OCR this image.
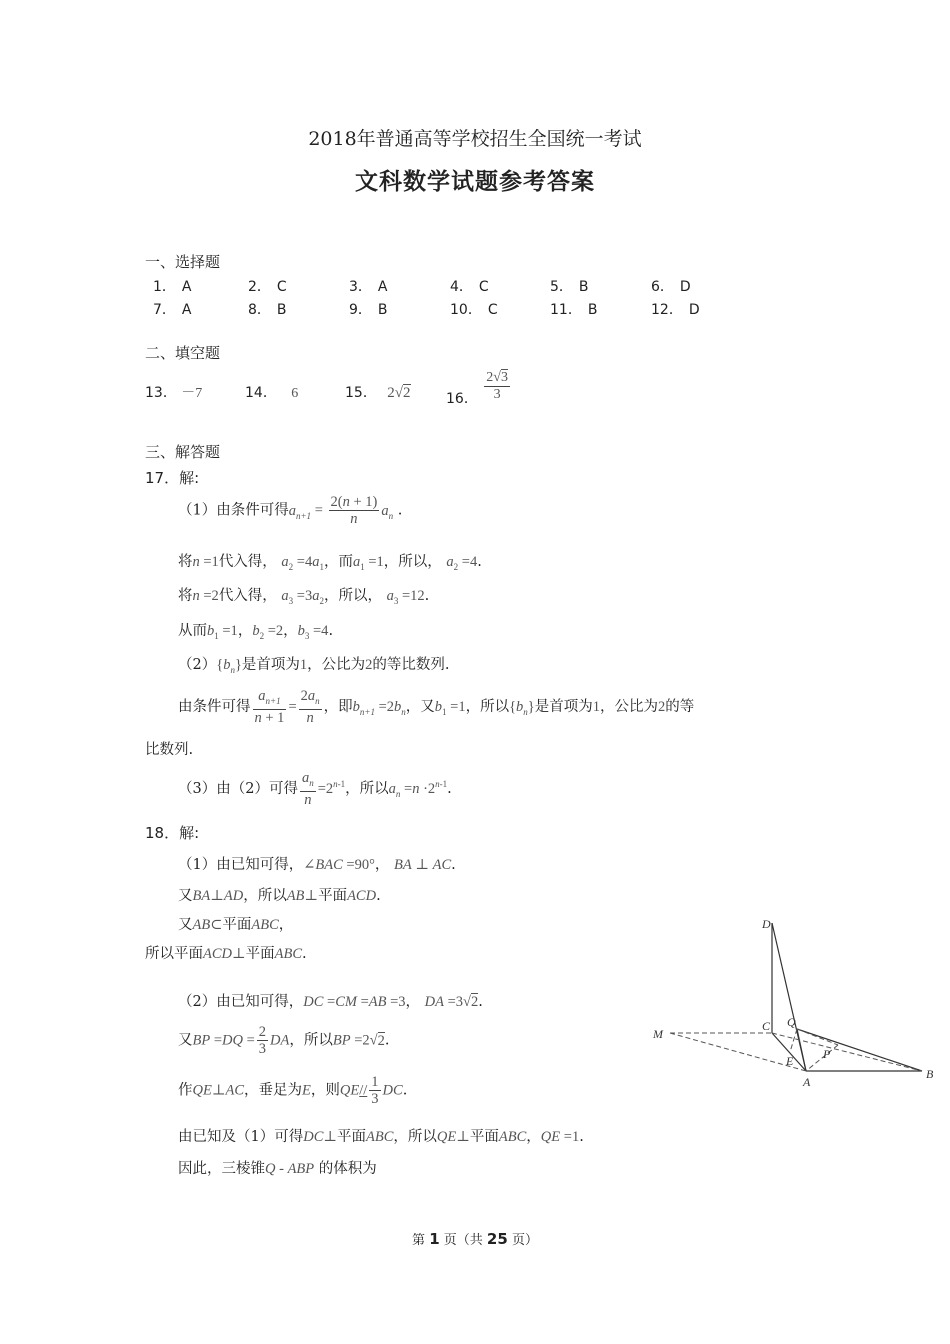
2018年普通高等学校招生全国统一考试
文科数学试题参考答案
一、选择题
1． A	2． C	3． A	4． C	5． B	6． D
7． A	8． B	9． B	10． C	11． B	12． D
二、填空题
13． －7	14． 6	15． 2√2	16． $\frac{2√3}{3}$
三、解答题
17．解:
（1）由条件可得$a_{n+1} = \frac{2(n + 1)}{n} a_n$ .
将n =1代入得， $a_2 =4a_1$，而$a_1 =1$，所以， $a_2 =4$.
将n =2代入得， $a_3 =3a_2$，所以， $a_3 =12$.
从而$b_1 =1$，$b_2 =2$，$b_3 =4$.
$(2)\{b_n\}$是首项为1，公比为2的等比数列.
由条件可得 $\frac{a_{n+1}}{n + 1} = \frac{2a_n}{n}$ ，即$b_{n+1} =2b_n$，又$b_1 =1$，所以$\{b_n\}$是首项为1，公比为2的等
比数列.
（3）由（2）可得 $\frac{a_n}{n} =2^{n-1}$，所以$a_n =n \cdot 2^{n-1}$.
18．解:
（1）由已知可得，∠BAC =90°， BA ⊥ AC.
又BA⊥AD，所以AB⊥平面ACD.
又AB⊂平面ABC，
所以平面ACD⊥平面ABC.
（2）由已知可得，DC =CM =AB =3， DA =3√2.
又BP $=DQ = \frac{2}{3}$ DA，所以BP =2√2.
作QE⊥AC，垂足为E，则$QE// \frac{1}{3}$ DC.
由已知及（1）可得DC⊥平面ABC，所以QE⊥平面ABC，QE =1.
因此，三棱锥Q - ABP 的体积为
D
C Q
M
E P
A
B
第 1 页（共 25 页）
